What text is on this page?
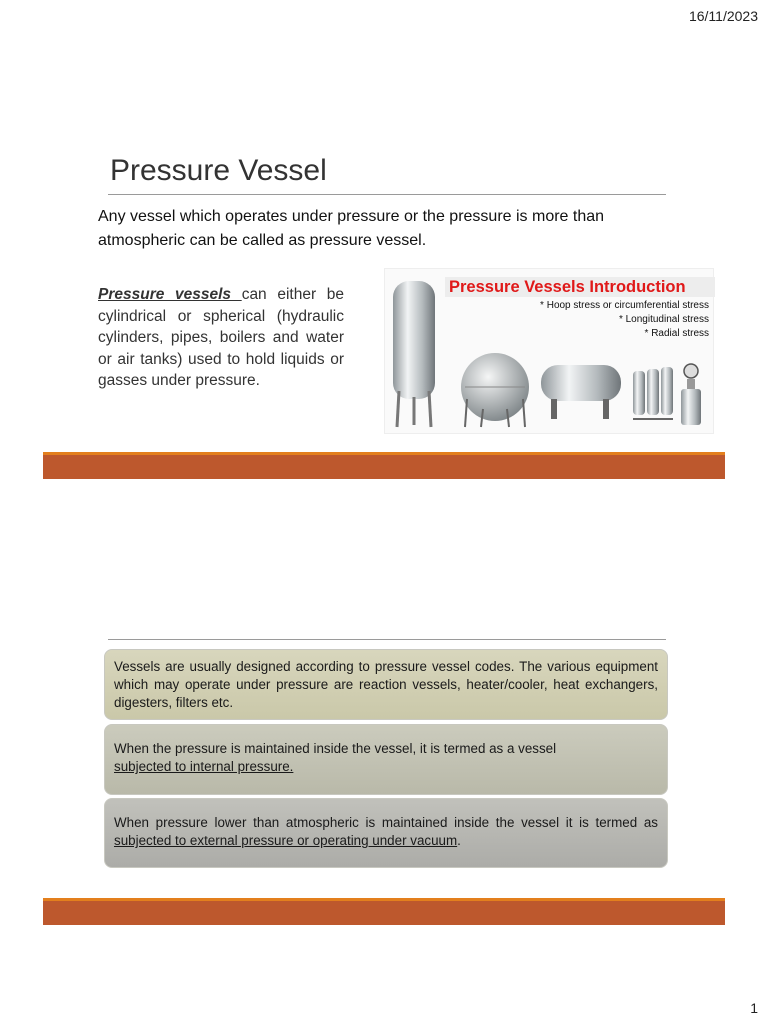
16/11/2023
Pressure Vessel
Any vessel which operates under pressure or the pressure is more than atmospheric can be called as pressure vessel.
Pressure vessels can either be cylindrical or spherical (hydraulic cylinders, pipes, boilers and water or air tanks) used to hold liquids or gasses under pressure.
Pressure Vessels Introduction
* Hoop stress or circumferential stress
* Longitudinal stress
* Radial stress
Vessels are usually designed according to pressure vessel codes. The various equipment which may operate under pressure are reaction vessels, heater/cooler, heat exchangers, digesters, filters etc.
When the pressure is maintained inside the vessel, it is termed as a vessel
subjected to internal pressure.
When pressure lower than atmospheric is maintained inside the vessel it is termed as subjected to external pressure or operating under vacuum.
1
